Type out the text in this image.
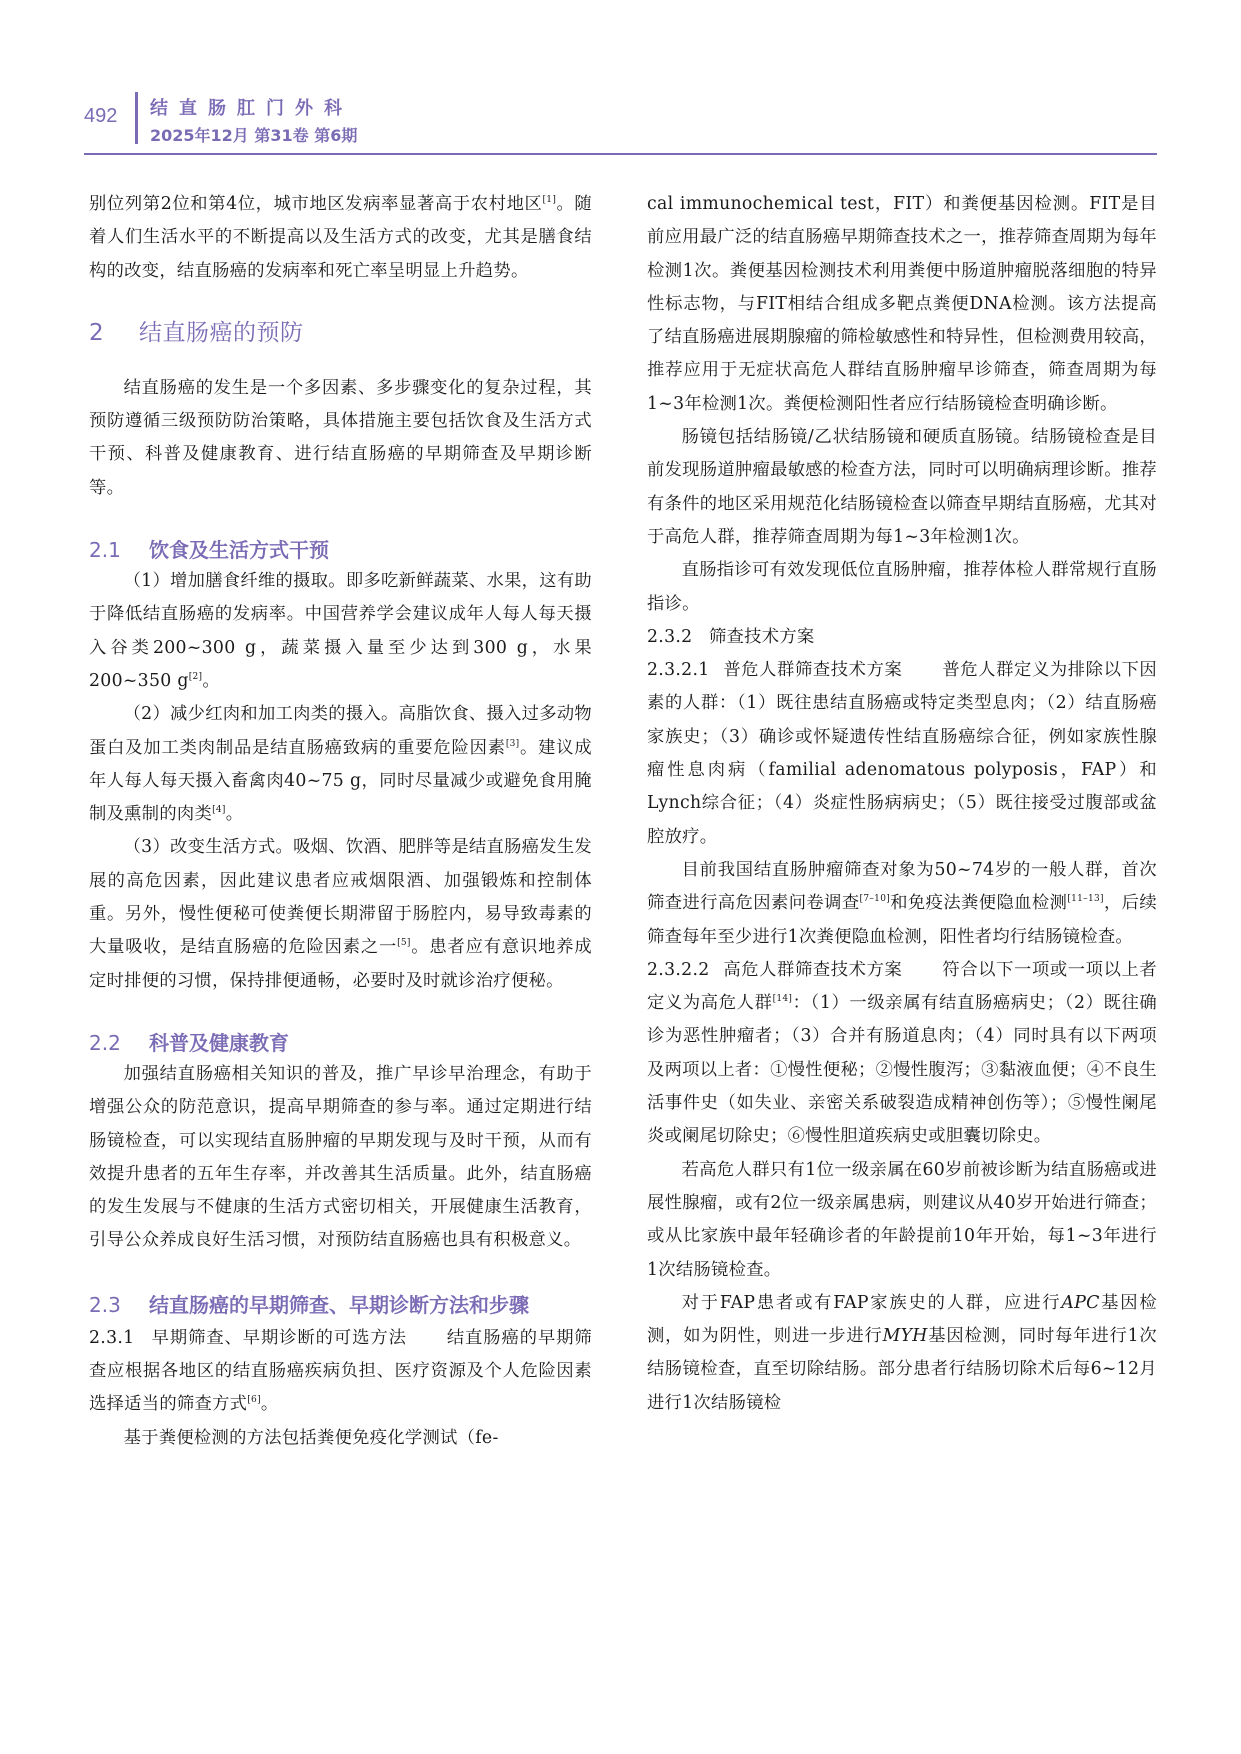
492 结直肠肛门外科
2025年12月 第31卷 第6期

别位列第2位和第4位，城市地区发病率显著高于农村地区[1]。随着人们生活水平的不断提高以及生活方式的改变，尤其是膳食结构的改变，结直肠癌的发病率和死亡率呈明显上升趋势。

2 结直肠癌的预防

结直肠癌的发生是一个多因素、多步骤变化的复杂过程，其预防遵循三级预防防治策略，具体措施主要包括饮食及生活方式干预、科普及健康教育、进行结直肠癌的早期筛查及早期诊断等。

2.1 饮食及生活方式干预

（1）增加膳食纤维的摄取。即多吃新鲜蔬菜、水果，这有助于降低结直肠癌的发病率。中国营养学会建议成年人每人每天摄入谷类200~300 g，蔬菜摄入量至少达到300 g，水果200~350 g[2]。

（2）减少红肉和加工肉类的摄入。高脂饮食、摄入过多动物蛋白及加工类肉制品是结直肠癌致病的重要危险因素[3]。建议成年人每人每天摄入畜禽肉40~75 g，同时尽量减少或避免食用腌制及熏制的肉类[4]。

（3）改变生活方式。吸烟、饮酒、肥胖等是结直肠癌发生发展的高危因素，因此建议患者应戒烟限酒、加强锻炼和控制体重。另外，慢性便秘可使粪便长期滞留于肠腔内，易导致毒素的大量吸收，是结直肠癌的危险因素之一[5]。患者应有意识地养成定时排便的习惯，保持排便通畅，必要时及时就诊治疗便秘。

2.2 科普及健康教育

加强结直肠癌相关知识的普及，推广早诊早治理念，有助于增强公众的防范意识，提高早期筛查的参与率。通过定期进行结肠镜检查，可以实现结直肠肿瘤的早期发现与及时干预，从而有效提升患者的五年生存率，并改善其生活质量。此外，结直肠癌的发生发展与不健康的生活方式密切相关，开展健康生活教育，引导公众养成良好生活习惯，对预防结直肠癌也具有积极意义。

2.3 结直肠癌的早期筛查、早期诊断方法和步骤

2.3.1 早期筛查、早期诊断的可选方法 结直肠癌的早期筛查应根据各地区的结直肠癌疾病负担、医疗资源及个人危险因素选择适当的筛查方式[6]。

基于粪便检测的方法包括粪便免疫化学测试（fe-

cal immunochemical test，FIT）和粪便基因检测。FIT是目前应用最广泛的结直肠癌早期筛查技术之一，推荐筛查周期为每年检测1次。粪便基因检测技术利用粪便中肠道肿瘤脱落细胞的特异性标志物，与FIT相结合组成多靶点粪便DNA检测。该方法提高了结直肠癌进展期腺瘤的筛检敏感性和特异性，但检测费用较高，推荐应用于无症状高危人群结直肠肿瘤早诊筛查，筛查周期为每1~3年检测1次。粪便检测阳性者应行结肠镜检查明确诊断。

肠镜包括结肠镜/乙状结肠镜和硬质直肠镜。结肠镜检查是目前发现肠道肿瘤最敏感的检查方法，同时可以明确病理诊断。推荐有条件的地区采用规范化结肠镜检查以筛查早期结直肠癌，尤其对于高危人群，推荐筛查周期为每1~3年检测1次。

直肠指诊可有效发现低位直肠肿瘤，推荐体检人群常规行直肠指诊。

2.3.2 筛查技术方案

2.3.2.1 普危人群筛查技术方案 普危人群定义为排除以下因素的人群：（1）既往患结直肠癌或特定类型息肉；（2）结直肠癌家族史；（3）确诊或怀疑遗传性结直肠癌综合征，例如家族性腺瘤性息肉病（familial adenomatous polyposis，FAP）和Lynch综合征；（4）炎症性肠病病史；（5）既往接受过腹部或盆腔放疗。

目前我国结直肠肿瘤筛查对象为50~74岁的一般人群，首次筛查进行高危因素问卷调查[7–10]和免疫法粪便隐血检测[11–13]，后续筛查每年至少进行1次粪便隐血检测，阳性者均行结肠镜检查。

2.3.2.2 高危人群筛查技术方案 符合以下一项或一项以上者定义为高危人群[14]：（1）一级亲属有结直肠癌病史；（2）既往确诊为恶性肿瘤者；（3）合并有肠道息肉；（4）同时具有以下两项及两项以上者：①慢性便秘；②慢性腹泻；③黏液血便；④不良生活事件史（如失业、亲密关系破裂造成精神创伤等）；⑤慢性阑尾炎或阑尾切除史；⑥慢性胆道疾病史或胆囊切除史。

若高危人群只有1位一级亲属在60岁前被诊断为结直肠癌或进展性腺瘤，或有2位一级亲属患病，则建议从40岁开始进行筛查；或从比家族中最年轻确诊者的年龄提前10年开始，每1~3年进行1次结肠镜检查。

对于FAP患者或有FAP家族史的人群，应进行APC基因检测，如为阴性，则进一步进行MYH基因检测，同时每年进行1次结肠镜检查，直至切除结肠。部分患者行结肠切除术后每6~12月进行1次结肠镜检
